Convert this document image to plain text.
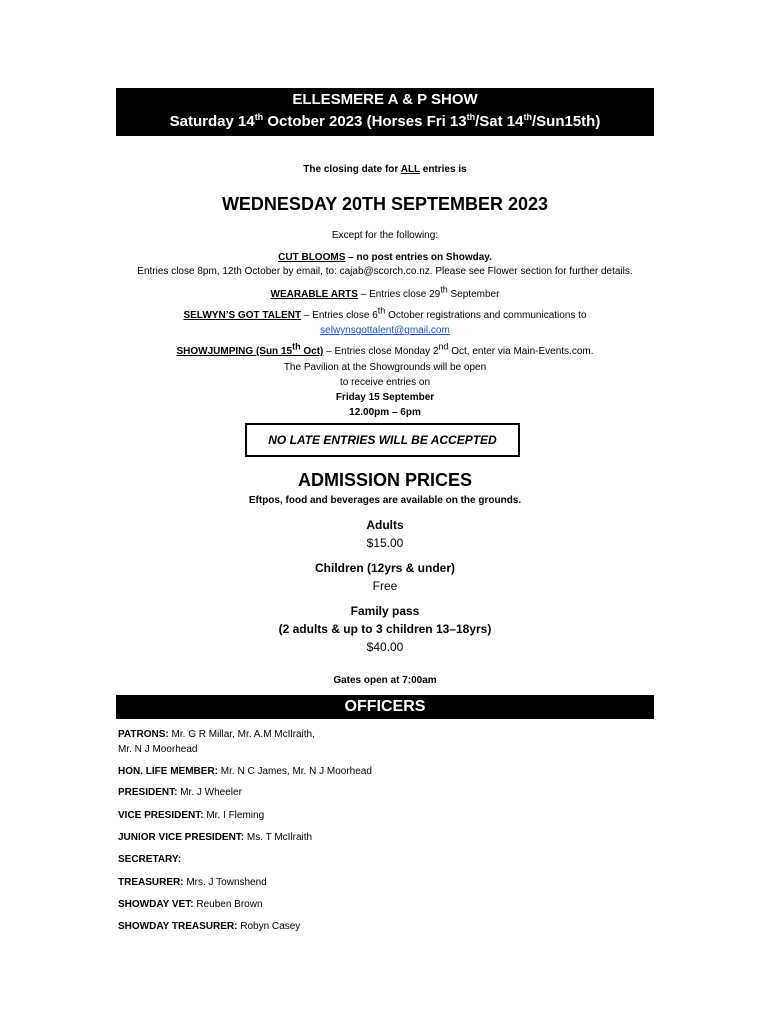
ELLESMERE A & P SHOW
Saturday 14th October 2023 (Horses Fri 13th/Sat 14th/Sun15th)
The closing date for ALL entries is
WEDNESDAY 20TH SEPTEMBER 2023
Except for the following:
CUT BLOOMS – no post entries on Showday.
Entries close 8pm, 12th October by email, to: cajab@scorch.co.nz. Please see Flower section for further details.
WEARABLE ARTS – Entries close 29th September
SELWYN’S GOT TALENT – Entries close 6th October registrations and communications to
selwynsgottalent@gmail.com
SHOWJUMPING (Sun 15th Oct) – Entries close Monday 2nd Oct, enter via Main-Events.com.
The Pavilion at the Showgrounds will be open
to receive entries on
Friday 15 September
12.00pm – 6pm
NO LATE ENTRIES WILL BE ACCEPTED
ADMISSION PRICES
Eftpos, food and beverages are available on the grounds.
Adults
$15.00
Children (12yrs & under)
Free
Family pass
(2 adults & up to 3 children 13–18yrs)
$40.00
Gates open at 7:00am
OFFICERS
PATRONS: Mr. G R Millar, Mr. A.M McIlraith,
Mr. N J Moorhead
HON. LIFE MEMBER: Mr. N C James, Mr. N J Moorhead
PRESIDENT: Mr. J Wheeler
VICE PRESIDENT: Mr. I Fleming
JUNIOR VICE PRESIDENT: Ms. T McIlraith
SECRETARY:
TREASURER: Mrs. J Townshend
SHOWDAY VET: Reuben Brown
SHOWDAY TREASURER: Robyn Casey
